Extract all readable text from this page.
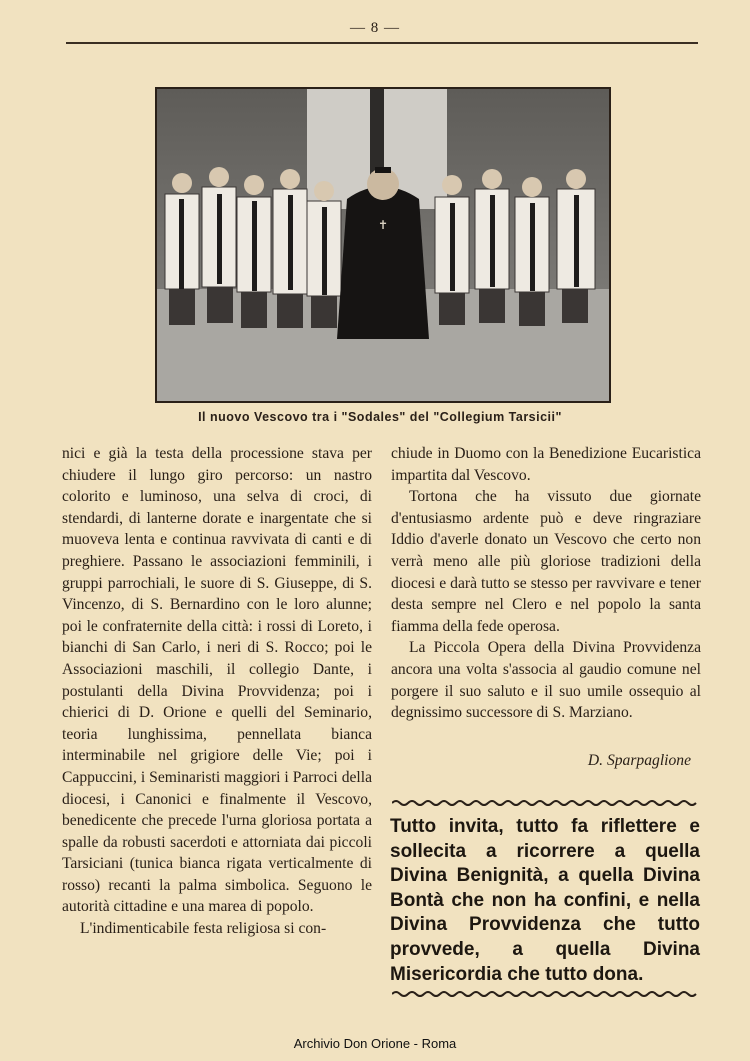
— 8 —
✝
Il nuovo Vescovo tra i "Sodales" del "Collegium Tarsicii"

nici e già la testa della processione stava per chiudere il lungo giro percorso: un nastro colorito e luminoso, una selva di croci, di stendardi, di lanterne dorate e inargentate che si muoveva lenta e continua ravvivata di canti e di preghiere. Passano le associazioni femminili, i gruppi parrochiali, le suore di S. Giuseppe, di S. Vincenzo, di S. Bernardino con le loro alunne; poi le confraternite della città: i rossi di Loreto, i bianchi di San Carlo, i neri di S. Rocco; poi le Associazioni maschili, il collegio Dante, i postulanti della Divina Provvidenza; poi i chierici di D. Orione e quelli del Seminario, teoria lunghissima, pennellata bianca interminabile nel grigiore delle Vie; poi i Cappuccini, i Seminaristi maggiori i Parroci della diocesi, i Canonici e finalmente il Vescovo, benedicente che precede l'urna gloriosa portata a spalle da robusti sacerdoti e attorniata dai piccoli Tarsiciani (tunica bianca rigata verticalmente di rosso) recanti la palma simbolica. Seguono le autorità cittadine e una marea di popolo.

L'indimenticabile festa religiosa si con-

chiude in Duomo con la Benedizione Eucaristica impartita dal Vescovo.

Tortona che ha vissuto due giornate d'entusiasmo ardente può e deve ringraziare Iddio d'averle donato un Vescovo che certo non verrà meno alle più gloriose tradizioni della diocesi e darà tutto se stesso per ravvivare e tener desta sempre nel Clero e nel popolo la santa fiamma della fede operosa.

La Piccola Opera della Divina Provvidenza ancora una volta s'associa al gaudio comune nel porgere il suo saluto e il suo umile ossequio al degnissimo successore di S. Marziano.

D. Sparpaglione
Tutto invita, tutto fa riflettere e sollecita a ricorrere a quella Divina Benignità, a quella Divina Bontà che non ha confini, e nella Divina Provvidenza che tutto provvede, a quella Divina Misericordia che tutto dona.
Archivio Don Orione - Roma
